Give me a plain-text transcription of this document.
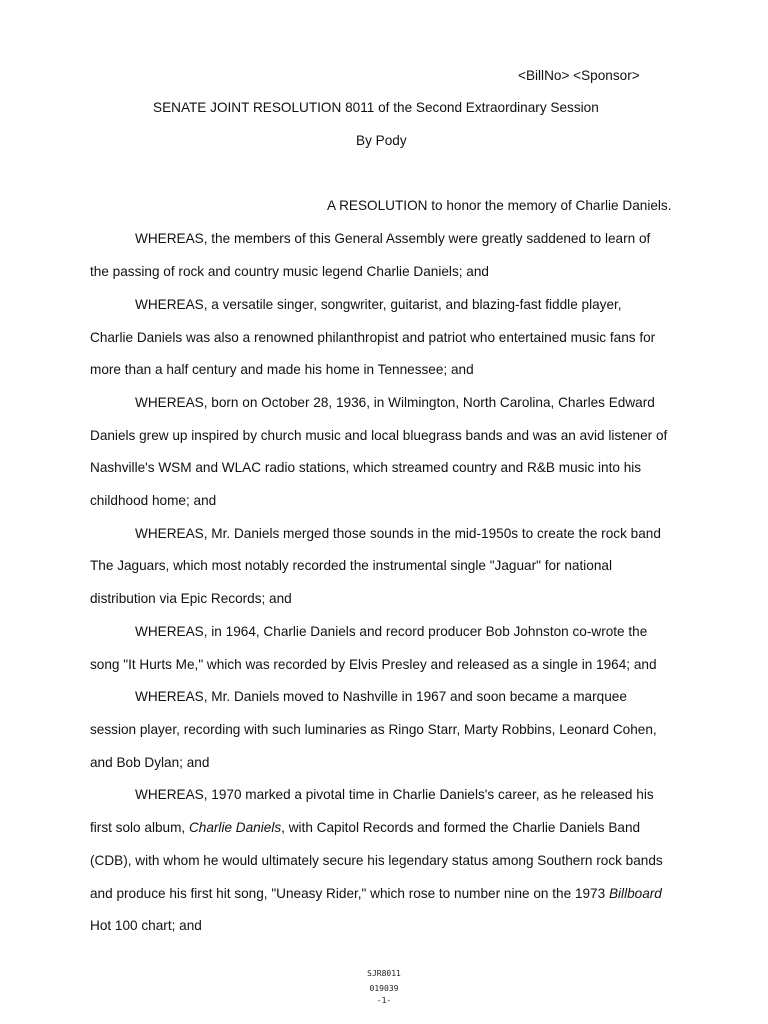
<BillNo> <Sponsor>
SENATE JOINT RESOLUTION 8011 of the Second Extraordinary Session
By Pody
A RESOLUTION to honor the memory of Charlie Daniels.
WHEREAS, the members of this General Assembly were greatly saddened to learn of
the passing of rock and country music legend Charlie Daniels; and
WHEREAS, a versatile singer, songwriter, guitarist, and blazing-fast fiddle player,
Charlie Daniels was also a renowned philanthropist and patriot who entertained music fans for
more than a half century and made his home in Tennessee; and
WHEREAS, born on October 28, 1936, in Wilmington, North Carolina, Charles Edward
Daniels grew up inspired by church music and local bluegrass bands and was an avid listener of
Nashville's WSM and WLAC radio stations, which streamed country and R&B music into his
childhood home; and
WHEREAS, Mr. Daniels merged those sounds in the mid-1950s to create the rock band
The Jaguars, which most notably recorded the instrumental single "Jaguar" for national
distribution via Epic Records; and
WHEREAS, in 1964, Charlie Daniels and record producer Bob Johnston co-wrote the
song "It Hurts Me," which was recorded by Elvis Presley and released as a single in 1964; and
WHEREAS, Mr. Daniels moved to Nashville in 1967 and soon became a marquee
session player, recording with such luminaries as Ringo Starr, Marty Robbins, Leonard Cohen,
and Bob Dylan; and
WHEREAS, 1970 marked a pivotal time in Charlie Daniels's career, as he released his
first solo album, Charlie Daniels, with Capitol Records and formed the Charlie Daniels Band
(CDB), with whom he would ultimately secure his legendary status among Southern rock bands
and produce his first hit song, "Uneasy Rider," which rose to number nine on the 1973 Billboard
Hot 100 chart; and
SJR8011
019039
-1-
